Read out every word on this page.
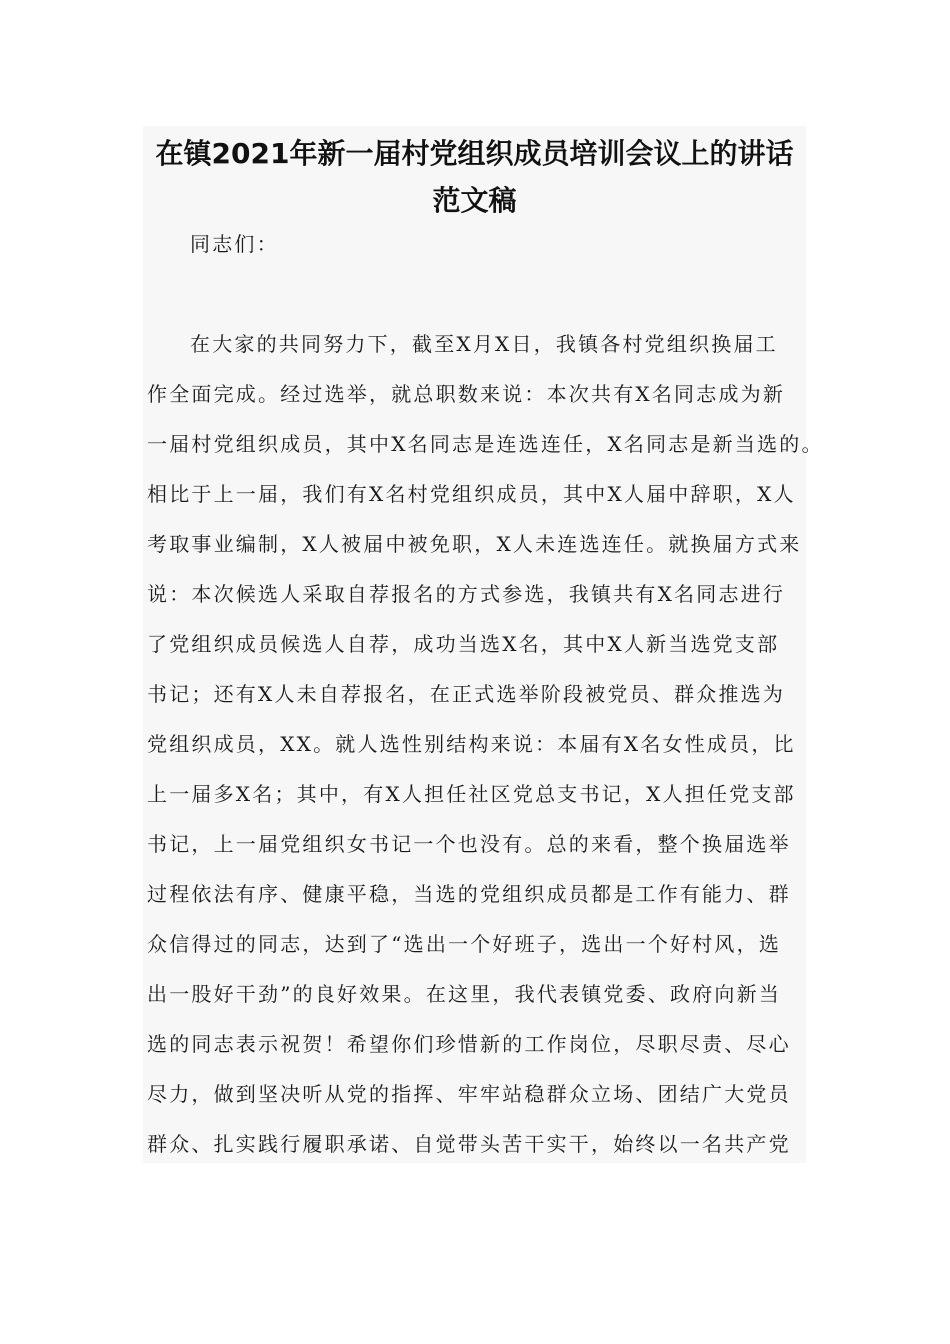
在镇2021年新一届村党组织成员培训会议上的讲话
范文稿

同志们：

在大家的共同努力下，截至X月X日，我镇各村党组织换届工

作全面完成。经过选举，就总职数来说：本次共有X名同志成为新

一届村党组织成员，其中X名同志是连选连任，X名同志是新当选的。

相比于上一届，我们有X名村党组织成员，其中X人届中辞职，X人

考取事业编制，X人被届中被免职，X人未连选连任。就换届方式来

说：本次候选人采取自荐报名的方式参选，我镇共有X名同志进行

了党组织成员候选人自荐，成功当选X名，其中X人新当选党支部

书记；还有X人未自荐报名，在正式选举阶段被党员、群众推选为

党组织成员，XX。就人选性别结构来说：本届有X名女性成员，比

上一届多X名；其中，有X人担任社区党总支书记，X人担任党支部

书记，上一届党组织女书记一个也没有。总的来看，整个换届选举

过程依法有序、健康平稳，当选的党组织成员都是工作有能力、群

众信得过的同志，达到了“选出一个好班子，选出一个好村风，选

出一股好干劲”的良好效果。在这里，我代表镇党委、政府向新当

选的同志表示祝贺！希望你们珍惜新的工作岗位，尽职尽责、尽心

尽力，做到坚决听从党的指挥、牢牢站稳群众立场、团结广大党员

群众、扎实践行履职承诺、自觉带头苦干实干，始终以一名共产党
